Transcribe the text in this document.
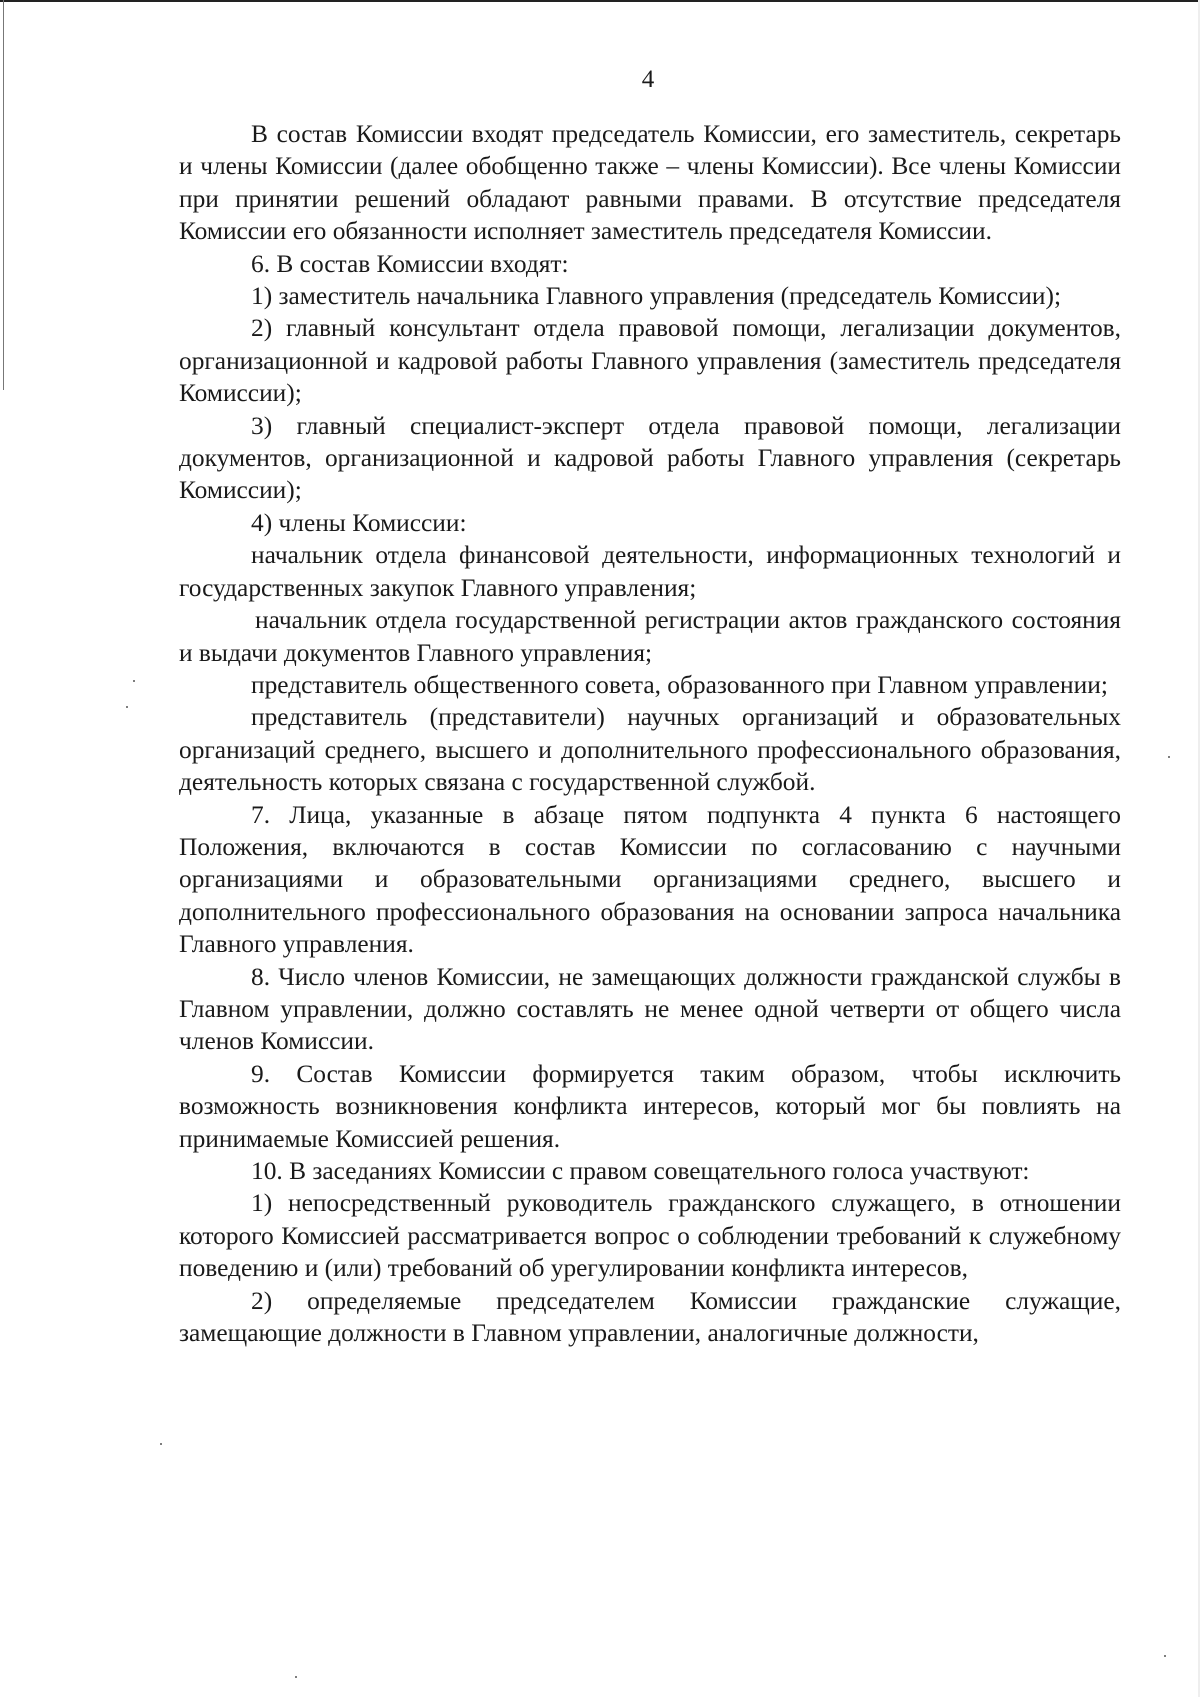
4

В состав Комиссии входят председатель Комиссии, его заместитель, секретарь и члены Комиссии (далее обобщенно также – члены Комиссии). Все члены Комиссии при принятии решений обладают равными правами. В отсутствие председателя Комиссии его обязанности исполняет заместитель председателя Комиссии.

6. В состав Комиссии входят:

1) заместитель начальника Главного управления (председатель Комиссии);

2) главный консультант отдела правовой помощи, легализации документов, организационной и кадровой работы Главного управления (заместитель председателя Комиссии);

3) главный специалист-эксперт отдела правовой помощи, легализации документов, организационной и кадровой работы Главного управления (секретарь Комиссии);

4) члены Комиссии:

начальник отдела финансовой деятельности, информационных технологий и государственных закупок Главного управления;

начальник отдела государственной регистрации актов гражданского состояния и выдачи документов Главного управления;

представитель общественного совета, образованного при Главном управлении;

представитель (представители) научных организаций и образовательных организаций среднего, высшего и дополнительного профессионального образования, деятельность которых связана с государственной службой.

7. Лица, указанные в абзаце пятом подпункта 4 пункта 6 настоящего Положения, включаются в состав Комиссии по согласованию с научными организациями и образовательными организациями среднего, высшего и дополнительного профессионального образования на основании запроса начальника Главного управления.

8. Число членов Комиссии, не замещающих должности гражданской службы в Главном управлении, должно составлять не менее одной четверти от общего числа членов Комиссии.

9. Состав Комиссии формируется таким образом, чтобы исключить возможность возникновения конфликта интересов, который мог бы повлиять на принимаемые Комиссией решения.

10. В заседаниях Комиссии с правом совещательного голоса участвуют:

1) непосредственный руководитель гражданского служащего, в отношении которого Комиссией рассматривается вопрос о соблюдении требований к служебному поведению и (или) требований об урегулировании конфликта интересов,

2) определяемые председателем Комиссии гражданские служащие, замещающие должности в Главном управлении, аналогичные должности,
